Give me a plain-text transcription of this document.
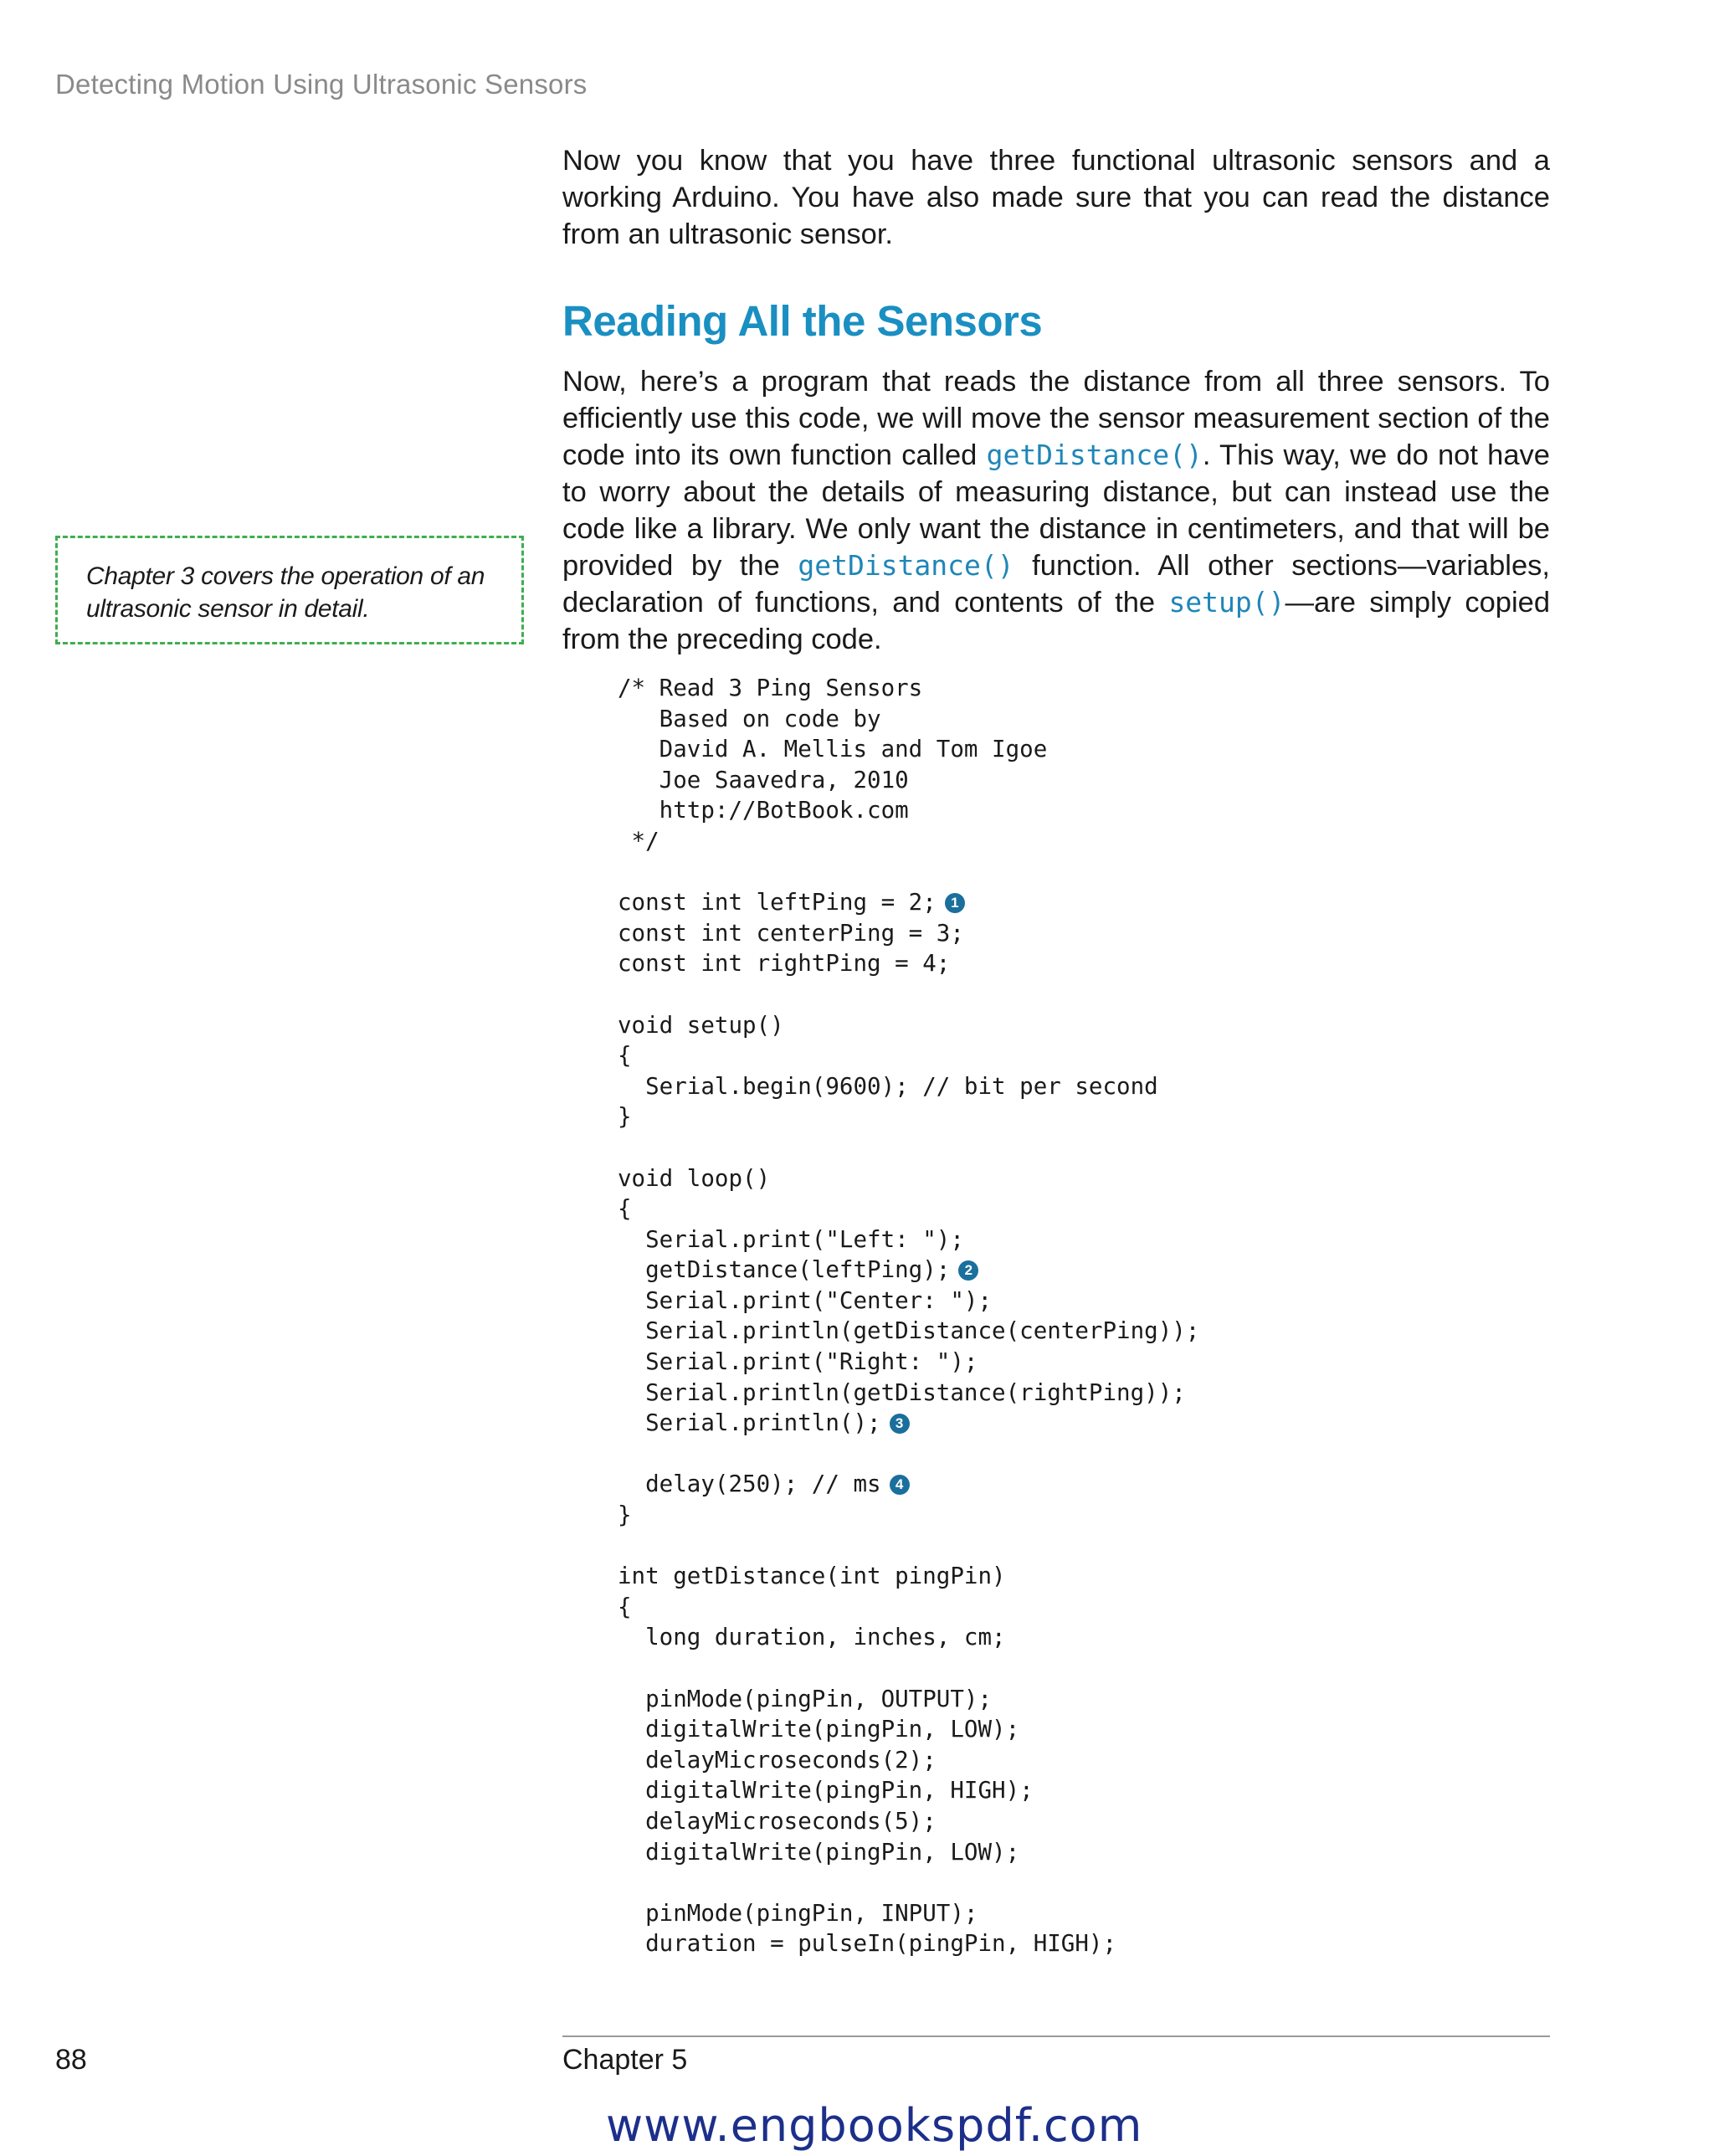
Detecting Motion Using Ultrasonic Sensors

Now you know that you have three functional ultrasonic sensors and a working Arduino. You have also made sure that you can read the distance from an ultrasonic sensor.

Reading All the Sensors

Now, here’s a program that reads the distance from all three sensors. To efficiently use this code, we will move the sensor measurement section of the code into its own function called getDistance(). This way, we do not have to worry about the details of measuring distance, but can instead use the code like a library. We only want the distance in centimeters, and that will be provided by the getDistance() function. All other sections—variables, declaration of functions, and contents of the setup()—are simply copied from the preceding code.

Chapter 3 covers the operation of an ultrasonic sensor in detail.

/* Read 3 Ping Sensors
Based on code by
David A. Mellis and Tom Igoe
Joe Saavedra, 2010
http://BotBook.com
*/
const int leftPing = 2; 1
const int centerPing = 3;
const int rightPing = 4;
void setup()
{
Serial.begin(9600); // bit per second
}
void loop()
{
Serial.print("Left: ");
getDistance(leftPing); 2
Serial.print("Center: ");
Serial.println(getDistance(centerPing));
Serial.print("Right: ");
Serial.println(getDistance(rightPing));
Serial.println(); 3
delay(250); // ms 4
}
int getDistance(int pingPin)
{
long duration, inches, cm;
pinMode(pingPin, OUTPUT);
digitalWrite(pingPin, LOW);
delayMicroseconds(2);
digitalWrite(pingPin, HIGH);
delayMicroseconds(5);
digitalWrite(pingPin, LOW);
pinMode(pingPin, INPUT);
duration = pulseIn(pingPin, HIGH);
88	Chapter 5
www.engbookspdf.com
